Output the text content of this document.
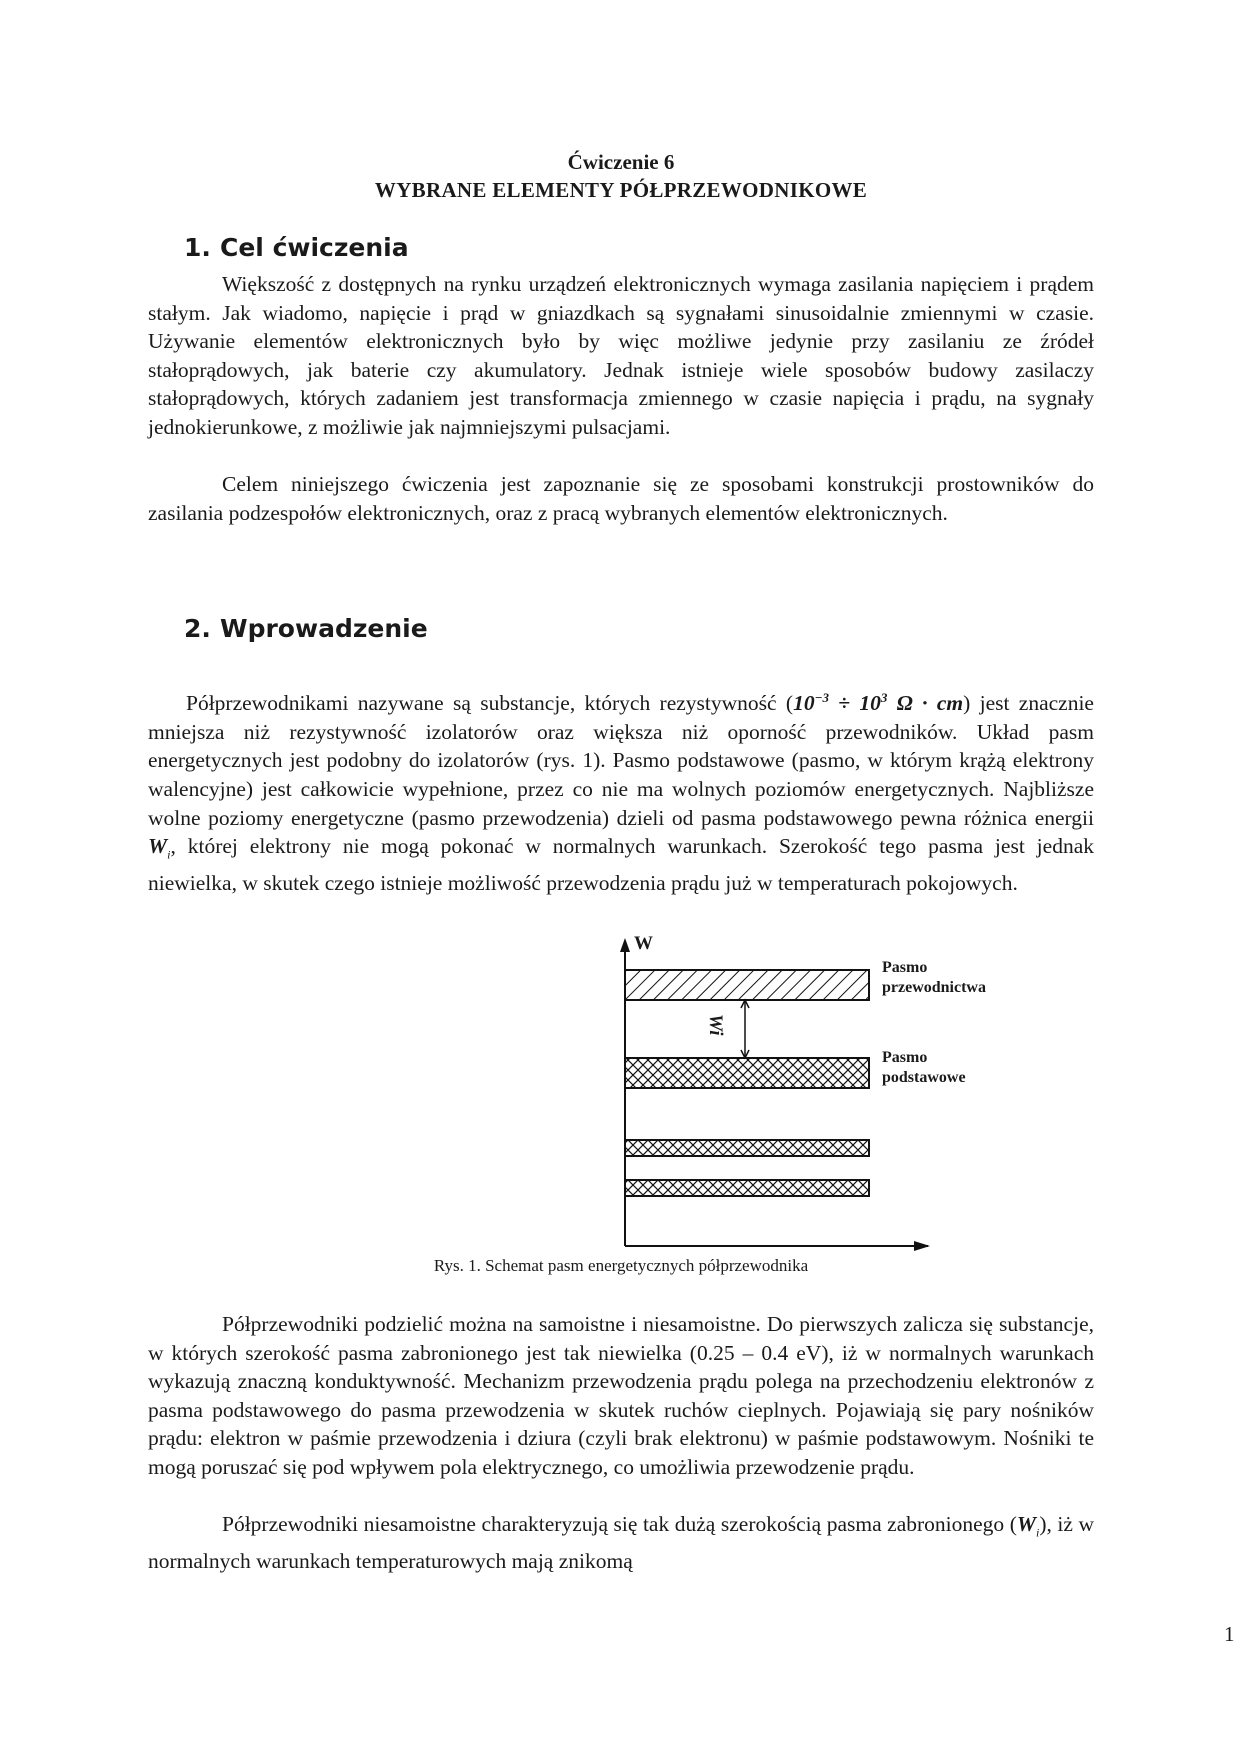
Ćwiczenie 6
WYBRANE ELEMENTY PÓŁPRZEWODNIKOWE
1. Cel ćwiczenia

Większość z dostępnych na rynku urządzeń elektronicznych wymaga zasilania napięciem i prądem stałym. Jak wiadomo, napięcie i prąd w gniazdkach są sygnałami sinusoidalnie zmiennymi w czasie. Używanie elementów elektronicznych było by więc możliwe jedynie przy zasilaniu ze źródeł stałoprądowych, jak baterie czy akumulatory. Jednak istnieje wiele sposobów budowy zasilaczy stałoprądowych, których zadaniem jest transformacja zmiennego w czasie napięcia i prądu, na sygnały jednokierunkowe, z możliwie jak najmniejszymi pulsacjami.

Celem niniejszego ćwiczenia jest zapoznanie się ze sposobami konstrukcji prostowników do zasilania podzespołów elektronicznych, oraz z pracą wybranych elementów elektronicznych.

2. Wprowadzenie

Półprzewodnikami nazywane są substancje, których rezystywność ($10^{-3} \div 10^3$ Ω · cm) jest znacznie mniejsza niż rezystywność izolatorów oraz większa niż oporność przewodników. Układ pasm energetycznych jest podobny do izolatorów (rys. 1). Pasmo podstawowe (pasmo, w którym krążą elektrony walencyjne) jest całkowicie wypełnione, przez co nie ma wolnych poziomów energetycznych. Najbliższe wolne poziomy energetyczne (pasmo przewodzenia) dzieli od pasma podstawowego pewna różnica energii $W_i$, której elektrony nie mogą pokonać w normalnych warunkach. Szerokość tego pasma jest jednak niewielka, w skutek czego istnieje możliwość przewodzenia prądu już w temperaturach pokojowych.

W
Wi
Pasmo
przewodnictwa
Pasmo
podstawowe
Rys. 1. Schemat pasm energetycznych półprzewodnika

Półprzewodniki podzielić można na samoistne i niesamoistne. Do pierwszych zalicza się substancje, w których szerokość pasma zabronionego jest tak niewielka (0.25 – 0.4 eV), iż w normalnych warunkach wykazują znaczną konduktywność. Mechanizm przewodzenia prądu polega na przechodzeniu elektronów z pasma podstawowego do pasma przewodzenia w skutek ruchów cieplnych. Pojawiają się pary nośników prądu: elektron w paśmie przewodzenia i dziura (czyli brak elektronu) w paśmie podstawowym. Nośniki te mogą poruszać się pod wpływem pola elektrycznego, co umożliwia przewodzenie prądu.

Półprzewodniki niesamoistne charakteryzują się tak dużą szerokością pasma zabronionego $(W_i)$, iż w normalnych warunkach temperaturowych mają znikomą

1
